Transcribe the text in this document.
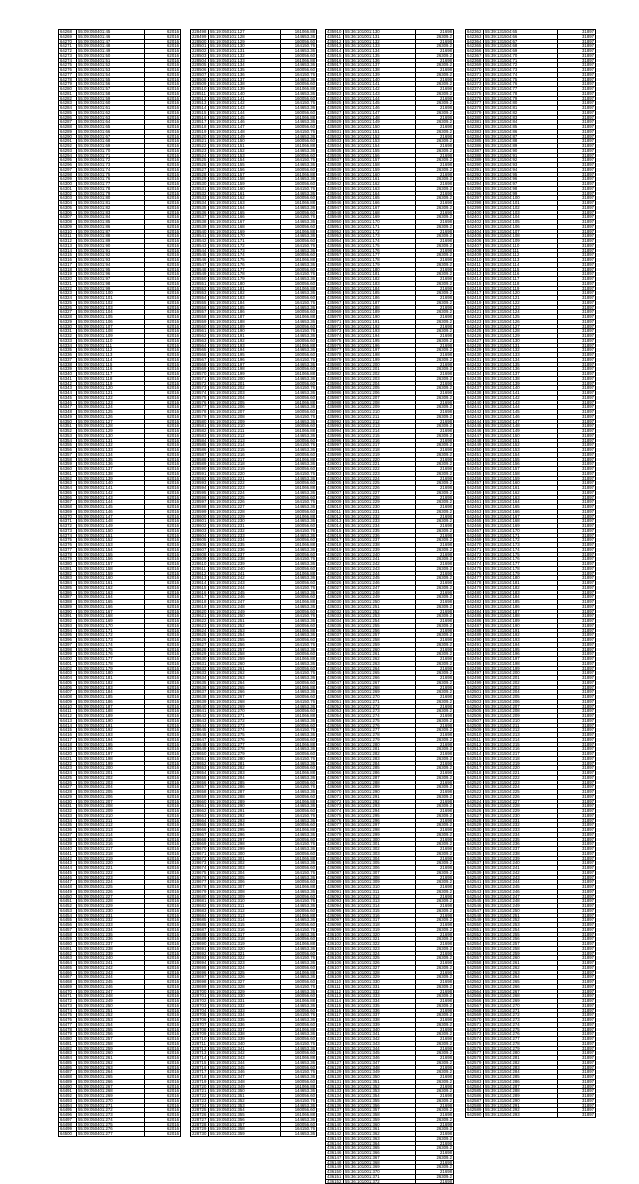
64268	55:09:050401:45	62016
64269	55:09:050401:46	62016
64270	55:09:050401:47	62016
64271	55:09:050401:48	62016
64272	55:09:050401:49	62016
64273	55:09:050401:50	62016
64274	55:09:050401:51	62016
64275	55:09:050401:52	62016
64276	55:09:050401:53	62016
64277	55:09:050401:54	62016
64278	55:09:050401:55	62016
64279	55:09:050401:56	62016
64280	55:09:050401:57	62016
64281	55:09:050401:58	62016
64282	55:09:050401:59	62016
64283	55:09:050401:60	62016
64284	55:09:050401:61	62016
64285	55:09:050401:62	62016
64286	55:09:050401:63	62016
64287	55:09:050401:64	62016
64288	55:09:050401:65	62016
64289	55:09:050401:66	62016
64290	55:09:050401:67	62016
64291	55:09:050401:68	62016
64292	55:09:050401:69	62016
64293	55:09:050401:70	62016
64294	55:09:050401:71	62016
64295	55:09:050401:72	62016
64296	55:09:050401:73	62016
64297	55:09:050401:74	62016
64298	55:09:050401:75	62016
64299	55:09:050401:76	62016
64300	55:09:050401:77	62016
64301	55:09:050401:78	62016
64302	55:09:050401:79	62016
64303	55:09:050401:80	62016
64304	55:09:050401:81	62016
64305	55:09:050401:82	62016
64306	55:09:050401:83	62016
64307	55:09:050401:84	62016
64308	55:09:050401:85	62016
64309	55:09:050401:86	62016
64310	55:09:050401:87	62016
64311	55:09:050401:88	62016
64312	55:09:050401:89	62016
64313	55:09:050401:90	62016
64314	55:09:050401:91	62016
64315	55:09:050401:92	62016
64316	55:09:050401:93	62016
64317	55:09:050401:94	62016
64318	55:09:050401:95	62016
64319	55:09:050401:96	62016
64320	55:09:050401:97	62016
64321	55:09:050401:98	62016
64322	55:09:050401:99	62016
64323	55:09:050401:100	62016
64324	55:09:050401:101	62016
64325	55:09:050401:102	62016
64326	55:09:050401:103	62016
64327	55:09:050401:104	62016
64328	55:09:050401:105	62016
64329	55:09:050401:106	62016
64330	55:09:050401:107	62016
64331	55:09:050401:108	62016
64332	55:09:050401:109	62016
64333	55:09:050401:110	62016
64334	55:09:050401:111	62016
64335	55:09:050401:112	62016
64336	55:09:050401:113	62016
64337	55:09:050401:114	62016
64338	55:09:050401:115	62016
64339	55:09:050401:116	62016
64340	55:09:050401:117	62016
64341	55:09:050401:118	62016
64342	55:09:050401:119	62016
64343	55:09:050401:120	62016
64344	55:09:050401:121	62016
64345	55:09:050401:122	62016
64346	55:09:050401:123	62016
64347	55:09:050401:124	62016
64348	55:09:050401:125	62016
64349	55:09:050401:126	62016
64350	55:09:050401:127	62016
64351	55:09:050401:128	62016
64352	55:09:050401:129	62016
64353	55:09:050401:130	62016
64354	55:09:050401:131	62016
64355	55:09:050401:132	62016
64356	55:09:050401:133	62016
64357	55:09:050401:134	62016
64358	55:09:050401:135	62016
64359	55:09:050401:136	62016
64360	55:09:050401:137	62016
64361	55:09:050401:138	62016
64362	55:09:050401:139	62016
64363	55:09:050401:140	62016
64364	55:09:050401:141	62016
64365	55:09:050401:142	62016
64366	55:09:050401:143	62016
64367	55:09:050401:144	62016
64368	55:09:050401:145	62016
64369	55:09:050401:146	62016
64370	55:09:050401:147	62016
64371	55:09:050401:148	62016
64372	55:09:050401:149	62016
64373	55:09:050401:150	62016
64374	55:09:050401:151	62016
64375	55:09:050401:152	62016
64376	55:09:050401:153	62016
64377	55:09:050401:154	62016
64378	55:09:050401:155	62016
64379	55:09:050401:156	62016
64380	55:09:050401:157	62016
64381	55:09:050401:158	62016
64382	55:09:050401:159	62016
64383	55:09:050401:160	62016
64384	55:09:050401:161	62016
64385	55:09:050401:162	62016
64386	55:09:050401:163	62016
64387	55:09:050401:164	62016
64388	55:09:050401:165	62016
64389	55:09:050401:166	62016
64390	55:09:050401:167	62016
64391	55:09:050401:168	62016
64392	55:09:050401:169	62016
64393	55:09:050401:170	62016
64394	55:09:050401:171	62016
64395	55:09:050401:172	62016
64396	55:09:050401:173	62016
64397	55:09:050401:174	62016
64398	55:09:050401:175	62016
64399	55:09:050401:176	62016
64400	55:09:050401:177	62016
64401	55:09:050401:178	62016
64402	55:09:050401:179	62016
64403	55:09:050401:180	62016
64404	55:09:050401:181	62016
64405	55:09:050401:182	62016
64406	55:09:050401:183	62016
64407	55:09:050401:184	62016
64408	55:09:050401:185	62016
64409	55:09:050401:186	62016
64410	55:09:050401:187	62016
64411	55:09:050401:188	62016
64412	55:09:050401:189	62016
64413	55:09:050401:190	62016
64414	55:09:050401:191	62016
64415	55:09:050401:192	62016
64416	55:09:050401:193	62016
64417	55:09:050401:194	62016
64418	55:09:050401:195	62016
64419	55:09:050401:196	62016
64420	55:09:050401:197	62016
64421	55:09:050401:198	62016
64422	55:09:050401:199	62016
64423	55:09:050401:200	62016
64424	55:09:050401:201	62016
64425	55:09:050401:202	62016
64426	55:09:050401:203	62016
64427	55:09:050401:204	62016
64428	55:09:050401:205	62016
64429	55:09:050401:206	62016
64430	55:09:050401:207	62016
64431	55:09:050401:208	62016
64432	55:09:050401:209	62016
64433	55:09:050401:210	62016
64434	55:09:050401:211	62016
64435	55:09:050401:212	62016
64436	55:09:050401:213	62016
64437	55:09:050401:214	62016
64438	55:09:050401:215	62016
64439	55:09:050401:216	62016
64440	55:09:050401:217	62016
64441	55:09:050401:218	62016
64442	55:09:050401:219	62016
64443	55:09:050401:220	62016
64444	55:09:050401:221	62016
64445	55:09:050401:222	62016
64446	55:09:050401:223	62016
64447	55:09:050401:224	62016
64448	55:09:050401:225	62016
64449	55:09:050401:226	62016
64450	55:09:050401:227	62016
64451	55:09:050401:228	62016
64452	55:09:050401:229	62016
64453	55:09:050401:230	62016
64454	55:09:050401:231	62016
64455	55:09:050401:232	62016
64456	55:09:050401:233	62016
64457	55:09:050401:234	62016
64458	55:09:050401:235	62016
64459	55:09:050401:236	62016
64460	55:09:050401:237	62016
64461	55:09:050401:238	62016
64462	55:09:050401:239	62016
64463	55:09:050401:240	62016
64464	55:09:050401:241	62016
64465	55:09:050401:242	62016
64466	55:09:050401:243	62016
64467	55:09:050401:244	62016
64468	55:09:050401:245	62016
64469	55:09:050401:246	62016
64470	55:09:050401:247	62016
64471	55:09:050401:248	62016
64472	55:09:050401:249	62016
64473	55:09:050401:250	62016
64474	55:09:050401:251	62016
64475	55:09:050401:252	62016
64476	55:09:050401:253	62016
64477	55:09:050401:254	62016
64478	55:09:050401:255	62016
64479	55:09:050401:256	62016
64480	55:09:050401:257	62016
64481	55:09:050401:258	62016
64482	55:09:050401:259	62016
64483	55:09:050401:260	62016
64484	55:09:050401:261	62016
64485	55:09:050401:262	62016
64486	55:09:050401:263	62016
64487	55:09:050401:264	62016
64488	55:09:050401:265	62016
64489	55:09:050401:266	62016
64490	55:09:050401:267	62016
64491	55:09:050401:268	62016
64492	55:09:050401:269	62016
64493	55:09:050401:270	62016
64494	55:09:050401:271	62016
64495	55:09:050401:272	62016
64496	55:09:050401:273	62016
64497	55:09:050401:274	62016
64498	55:09:050401:275	62016
64499	55:09:050401:276	62016
64500	55:09:050401:277	62016
228498	55:19:050101:127	161066.88
228499	55:19:050101:128	144653.36
228500	55:19:050101:129	160056.60
228501	55:19:050101:130	164150.76
228502	55:19:050101:131	144653.36
228503	55:19:050101:132	160056.60
228504	55:19:050101:133	161066.88
228505	55:19:050101:134	144653.36
228506	55:19:050101:135	160056.60
228507	55:19:050101:136	164150.76
228508	55:19:050101:137	144653.36
228509	55:19:050101:138	160056.60
228510	55:19:050101:139	161066.88
228511	55:19:050101:140	144653.36
228512	55:19:050101:141	160056.60
228513	55:19:050101:142	164150.76
228514	55:19:050101:143	144653.36
228515	55:19:050101:144	160056.60
228516	55:19:050101:145	161066.88
228517	55:19:050101:146	144653.36
228518	55:19:050101:147	160056.60
228519	55:19:050101:148	164150.76
228520	55:19:050101:149	144653.36
228521	55:19:050101:150	160056.60
228522	55:19:050101:151	161066.88
228523	55:19:050101:152	144653.36
228524	55:19:050101:153	160056.60
228525	55:19:050101:154	164150.76
228526	55:19:050101:155	144653.36
228527	55:19:050101:156	160056.60
228528	55:19:050101:157	161066.88
228529	55:19:050101:158	144653.36
228530	55:19:050101:159	160056.60
228531	55:19:050101:160	164150.76
228532	55:19:050101:161	144653.36
228533	55:19:050101:162	160056.60
228534	55:19:050101:163	161066.88
228535	55:19:050101:164	144653.36
228536	55:19:050101:165	160056.60
228537	55:19:050101:166	164150.76
228538	55:19:050101:167	144653.36
228539	55:19:050101:168	160056.60
228540	55:19:050101:169	161066.88
228541	55:19:050101:170	144653.36
228542	55:19:050101:171	160056.60
228543	55:19:050101:172	164150.76
228544	55:19:050101:173	144653.36
228545	55:19:050101:174	160056.60
228546	55:19:050101:175	161066.88
228547	55:19:050101:176	144653.36
228548	55:19:050101:177	160056.60
228549	55:19:050101:178	164150.76
228550	55:19:050101:179	144653.36
228551	55:19:050101:180	160056.60
228552	55:19:050101:181	161066.88
228553	55:19:050101:182	144653.36
228554	55:19:050101:183	160056.60
228555	55:19:050101:184	164150.76
228556	55:19:050101:185	144653.36
228557	55:19:050101:186	160056.60
228558	55:19:050101:187	161066.88
228559	55:19:050101:188	144653.36
228560	55:19:050101:189	160056.60
228561	55:19:050101:190	164150.76
228562	55:19:050101:191	144653.36
228563	55:19:050101:192	160056.60
228564	55:19:050101:193	161066.88
228565	55:19:050101:194	144653.36
228566	55:19:050101:195	160056.60
228567	55:19:050101:196	164150.76
228568	55:19:050101:197	144653.36
228569	55:19:050101:198	160056.60
228570	55:19:050101:199	161066.88
228571	55:19:050101:200	144653.36
228572	55:19:050101:201	160056.60
228573	55:19:050101:202	164150.76
228574	55:19:050101:203	144653.36
228575	55:19:050101:204	160056.60
228576	55:19:050101:205	161066.88
228577	55:19:050101:206	144653.36
228578	55:19:050101:207	160056.60
228579	55:19:050101:208	164150.76
228580	55:19:050101:209	144653.36
228581	55:19:050101:210	160056.60
228582	55:19:050101:211	161066.88
228583	55:19:050101:212	144653.36
228584	55:19:050101:213	160056.60
228585	55:19:050101:214	164150.76
228586	55:19:050101:215	144653.36
228587	55:19:050101:216	160056.60
228588	55:19:050101:217	161066.88
228589	55:19:050101:218	144653.36
228590	55:19:050101:219	160056.60
228591	55:19:050101:220	164150.76
228592	55:19:050101:221	144653.36
228593	55:19:050101:222	160056.60
228594	55:19:050101:223	161066.88
228595	55:19:050101:224	144653.36
228596	55:19:050101:225	160056.60
228597	55:19:050101:226	164150.76
228598	55:19:050101:227	144653.36
228599	55:19:050101:228	160056.60
228600	55:19:050101:229	161066.88
228601	55:19:050101:230	144653.36
228602	55:19:050101:231	160056.60
228603	55:19:050101:232	164150.76
228604	55:19:050101:233	144653.36
228605	55:19:050101:234	160056.60
228606	55:19:050101:235	161066.88
228607	55:19:050101:236	144653.36
228608	55:19:050101:237	160056.60
228609	55:19:050101:238	164150.76
228610	55:19:050101:239	144653.36
228611	55:19:050101:240	160056.60
228612	55:19:050101:241	161066.88
228613	55:19:050101:242	144653.36
228614	55:19:050101:243	160056.60
228615	55:19:050101:244	164150.76
228616	55:19:050101:245	144653.36
228617	55:19:050101:246	160056.60
228618	55:19:050101:247	161066.88
228619	55:19:050101:248	144653.36
228620	55:19:050101:249	160056.60
228621	55:19:050101:250	164150.76
228622	55:19:050101:251	144653.36
228623	55:19:050101:252	160056.60
228624	55:19:050101:253	161066.88
228625	55:19:050101:254	144653.36
228626	55:19:050101:255	160056.60
228627	55:19:050101:256	164150.76
228628	55:19:050101:257	144653.36
228629	55:19:050101:258	160056.60
228630	55:19:050101:259	161066.88
228631	55:19:050101:260	144653.36
228632	55:19:050101:261	160056.60
228633	55:19:050101:262	164150.76
228634	55:19:050101:263	144653.36
228635	55:19:050101:264	160056.60
228636	55:19:050101:265	161066.88
228637	55:19:050101:266	144653.36
228638	55:19:050101:267	160056.60
228639	55:19:050101:268	164150.76
228640	55:19:050101:269	144653.36
228641	55:19:050101:270	160056.60
228642	55:19:050101:271	161066.88
228643	55:19:050101:272	144653.36
228644	55:19:050101:273	160056.60
228645	55:19:050101:274	164150.76
228646	55:19:050101:275	144653.36
228647	55:19:050101:276	160056.60
228648	55:19:050101:277	161066.88
228649	55:19:050101:278	144653.36
228650	55:19:050101:279	160056.60
228651	55:19:050101:280	164150.76
228652	55:19:050101:281	144653.36
228653	55:19:050101:282	160056.60
228654	55:19:050101:283	161066.88
228655	55:19:050101:284	144653.36
228656	55:19:050101:285	160056.60
228657	55:19:050101:286	164150.76
228658	55:19:050101:287	144653.36
228659	55:19:050101:288	160056.60
228660	55:19:050101:289	161066.88
228661	55:19:050101:290	144653.36
228662	55:19:050101:291	160056.60
228663	55:19:050101:292	164150.76
228664	55:19:050101:293	144653.36
228665	55:19:050101:294	160056.60
228666	55:19:050101:295	161066.88
228667	55:19:050101:296	144653.36
228668	55:19:050101:297	160056.60
228669	55:19:050101:298	164150.76
228670	55:19:050101:299	144653.36
228671	55:19:050101:300	160056.60
228672	55:19:050101:301	161066.88
228673	55:19:050101:302	144653.36
228674	55:19:050101:303	160056.60
228675	55:19:050101:304	164150.76
228676	55:19:050101:305	144653.36
228677	55:19:050101:306	160056.60
228678	55:19:050101:307	161066.88
228679	55:19:050101:308	144653.36
228680	55:19:050101:309	160056.60
228681	55:19:050101:310	164150.76
228682	55:19:050101:311	144653.36
228683	55:19:050101:312	160056.60
228684	55:19:050101:313	161066.88
228685	55:19:050101:314	144653.36
228686	55:19:050101:315	160056.60
228687	55:19:050101:316	164150.76
228688	55:19:050101:317	144653.36
228689	55:19:050101:318	160056.60
228690	55:19:050101:319	161066.88
228691	55:19:050101:320	144653.36
228692	55:19:050101:321	160056.60
228693	55:19:050101:322	164150.76
228694	55:19:050101:323	144653.36
228695	55:19:050101:324	160056.60
228696	55:19:050101:325	161066.88
228697	55:19:050101:326	144653.36
228698	55:19:050101:327	160056.60
228699	55:19:050101:328	164150.76
228700	55:19:050101:329	144653.36
228701	55:19:050101:330	160056.60
228702	55:19:050101:331	161066.88
228703	55:19:050101:332	144653.36
228704	55:19:050101:333	160056.60
228705	55:19:050101:334	164150.76
228706	55:19:050101:335	144653.36
228707	55:19:050101:336	160056.60
228708	55:19:050101:337	161066.88
228709	55:19:050101:338	144653.36
228710	55:19:050101:339	160056.60
228711	55:19:050101:340	164150.76
228712	55:19:050101:341	144653.36
228713	55:19:050101:342	160056.60
228714	55:19:050101:343	161066.88
228715	55:19:050101:344	144653.36
228716	55:19:050101:345	160056.60
228717	55:19:050101:346	164150.76
228718	55:19:050101:347	144653.36
228719	55:19:050101:348	160056.60
228720	55:19:050101:349	161066.88
228721	55:19:050101:350	144653.36
228722	55:19:050101:351	160056.60
228723	55:19:050101:352	164150.76
228724	55:19:050101:353	144653.36
228725	55:19:050101:354	160056.60
228726	55:19:050101:355	161066.88
228727	55:19:050101:356	144653.36
228728	55:19:050101:357	160056.60
228729	55:19:050101:358	164150.76
228730	55:19:050101:359	144653.36
435910	55:36:101001:130	21698
435911	55:36:101001:131	26309.2
435912	55:36:101001:132	21698
435913	55:36:101001:133	26309.2
435914	55:36:101001:134	21698
435915	55:36:101001:135	26309.2
435916	55:36:101001:136	21698
435917	55:36:101001:137	26309.2
435918	55:36:101001:138	21698
435919	55:36:101001:139	26309.2
435920	55:36:101001:140	21698
435921	55:36:101001:141	26309.2
435922	55:36:101001:142	21698
435923	55:36:101001:143	26309.2
435924	55:36:101001:144	21698
435925	55:36:101001:145	26309.2
435926	55:36:101001:146	21698
435927	55:36:101001:147	26309.2
435928	55:36:101001:148	21698
435929	55:36:101001:149	26309.2
435930	55:36:101001:150	21698
435931	55:36:101001:151	26309.2
435932	55:36:101001:152	21698
435933	55:36:101001:153	26309.2
435934	55:36:101001:154	21698
435935	55:36:101001:155	26309.2
435936	55:36:101001:156	21698
435937	55:36:101001:157	26309.2
435938	55:36:101001:158	21698
435939	55:36:101001:159	26309.2
435940	55:36:101001:160	21698
435941	55:36:101001:161	26309.2
435942	55:36:101001:162	21698
435943	55:36:101001:163	26309.2
435944	55:36:101001:164	21698
435945	55:36:101001:165	26309.2
435946	55:36:101001:166	21698
435947	55:36:101001:167	26309.2
435948	55:36:101001:168	21698
435949	55:36:101001:169	26309.2
435950	55:36:101001:170	21698
435951	55:36:101001:171	26309.2
435952	55:36:101001:172	21698
435953	55:36:101001:173	26309.2
435954	55:36:101001:174	21698
435955	55:36:101001:175	26309.2
435956	55:36:101001:176	21698
435957	55:36:101001:177	26309.2
435958	55:36:101001:178	21698
435959	55:36:101001:179	26309.2
435960	55:36:101001:180	21698
435961	55:36:101001:181	26309.2
435962	55:36:101001:182	21698
435963	55:36:101001:183	26309.2
435964	55:36:101001:184	21698
435965	55:36:101001:185	26309.2
435966	55:36:101001:186	21698
435967	55:36:101001:187	26309.2
435968	55:36:101001:188	21698
435969	55:36:101001:189	26309.2
435970	55:36:101001:190	21698
435971	55:36:101001:191	26309.2
435972	55:36:101001:192	21698
435973	55:36:101001:193	26309.2
435974	55:36:101001:194	21698
435975	55:36:101001:195	26309.2
435976	55:36:101001:196	21698
435977	55:36:101001:197	26309.2
435978	55:36:101001:198	21698
435979	55:36:101001:199	26309.2
435980	55:36:101001:200	21698
435981	55:36:101001:201	26309.2
435982	55:36:101001:202	21698
435983	55:36:101001:203	26309.2
435984	55:36:101001:204	21698
435985	55:36:101001:205	26309.2
435986	55:36:101001:206	21698
435987	55:36:101001:207	26309.2
435988	55:36:101001:208	21698
435989	55:36:101001:209	26309.2
435990	55:36:101001:210	21698
435991	55:36:101001:211	26309.2
435992	55:36:101001:212	21698
435993	55:36:101001:213	26309.2
435994	55:36:101001:214	21698
435995	55:36:101001:215	26309.2
435996	55:36:101001:216	21698
435997	55:36:101001:217	26309.2
435998	55:36:101001:218	21698
435999	55:36:101001:219	26309.2
436000	55:36:101001:220	21698
436001	55:36:101001:221	26309.2
436002	55:36:101001:222	21698
436003	55:36:101001:223	26309.2
436004	55:36:101001:224	21698
436005	55:36:101001:225	26309.2
436006	55:36:101001:226	21698
436007	55:36:101001:227	26309.2
436008	55:36:101001:228	21698
436009	55:36:101001:229	26309.2
436010	55:36:101001:230	21698
436011	55:36:101001:231	26309.2
436012	55:36:101001:232	21698
436013	55:36:101001:233	26309.2
436014	55:36:101001:234	21698
436015	55:36:101001:235	26309.2
436016	55:36:101001:236	21698
436017	55:36:101001:237	26309.2
436018	55:36:101001:238	21698
436019	55:36:101001:239	26309.2
436020	55:36:101001:240	21698
436021	55:36:101001:241	26309.2
436022	55:36:101001:242	21698
436023	55:36:101001:243	26309.2
436024	55:36:101001:244	21698
436025	55:36:101001:245	26309.2
436026	55:36:101001:246	21698
436027	55:36:101001:247	26309.2
436028	55:36:101001:248	21698
436029	55:36:101001:249	26309.2
436030	55:36:101001:250	21698
436031	55:36:101001:251	26309.2
436032	55:36:101001:252	21698
436033	55:36:101001:253	26309.2
436034	55:36:101001:254	21698
436035	55:36:101001:255	26309.2
436036	55:36:101001:256	21698
436037	55:36:101001:257	26309.2
436038	55:36:101001:258	21698
436039	55:36:101001:259	26309.2
436040	55:36:101001:260	21698
436041	55:36:101001:261	26309.2
436042	55:36:101001:262	21698
436043	55:36:101001:263	26309.2
436044	55:36:101001:264	21698
436045	55:36:101001:265	26309.2
436046	55:36:101001:266	21698
436047	55:36:101001:267	26309.2
436048	55:36:101001:268	21698
436049	55:36:101001:269	26309.2
436050	55:36:101001:270	21698
436051	55:36:101001:271	26309.2
436052	55:36:101001:272	21698
436053	55:36:101001:273	26309.2
436054	55:36:101001:274	21698
436055	55:36:101001:275	26309.2
436056	55:36:101001:276	21698
436057	55:36:101001:277	26309.2
436058	55:36:101001:278	21698
436059	55:36:101001:279	26309.2
436060	55:36:101001:280	21698
436061	55:36:101001:281	26309.2
436062	55:36:101001:282	21698
436063	55:36:101001:283	26309.2
436064	55:36:101001:284	21698
436065	55:36:101001:285	26309.2
436066	55:36:101001:286	21698
436067	55:36:101001:287	26309.2
436068	55:36:101001:288	21698
436069	55:36:101001:289	26309.2
436070	55:36:101001:290	21698
436071	55:36:101001:291	26309.2
436072	55:36:101001:292	21698
436073	55:36:101001:293	26309.2
436074	55:36:101001:294	21698
436075	55:36:101001:295	26309.2
436076	55:36:101001:296	21698
436077	55:36:101001:297	26309.2
436078	55:36:101001:298	21698
436079	55:36:101001:299	26309.2
436080	55:36:101001:300	21698
436081	55:36:101001:301	26309.2
436082	55:36:101001:302	21698
436083	55:36:101001:303	26309.2
436084	55:36:101001:304	21698
436085	55:36:101001:305	26309.2
436086	55:36:101001:306	21698
436087	55:36:101001:307	26309.2
436088	55:36:101001:308	21698
436089	55:36:101001:309	26309.2
436090	55:36:101001:310	21698
436091	55:36:101001:311	26309.2
436092	55:36:101001:312	21698
436093	55:36:101001:313	26309.2
436094	55:36:101001:314	21698
436095	55:36:101001:315	26309.2
436096	55:36:101001:316	21698
436097	55:36:101001:317	26309.2
436098	55:36:101001:318	21698
436099	55:36:101001:319	26309.2
436100	55:36:101001:320	21698
436101	55:36:101001:321	26309.2
436102	55:36:101001:322	21698
436103	55:36:101001:323	26309.2
436104	55:36:101001:324	21698
436105	55:36:101001:325	26309.2
436106	55:36:101001:326	21698
436107	55:36:101001:327	26309.2
436108	55:36:101001:328	21698
436109	55:36:101001:329	26309.2
436110	55:36:101001:330	21698
436111	55:36:101001:331	26309.2
436112	55:36:101001:332	21698
436113	55:36:101001:333	26309.2
436114	55:36:101001:334	21698
436115	55:36:101001:335	26309.2
436116	55:36:101001:336	21698
436117	55:36:101001:337	26309.2
436118	55:36:101001:338	21698
436119	55:36:101001:339	26309.2
436120	55:36:101001:340	21698
436121	55:36:101001:341	26309.2
436122	55:36:101001:342	21698
436123	55:36:101001:343	26309.2
436124	55:36:101001:344	21698
436125	55:36:101001:345	26309.2
436126	55:36:101001:346	21698
436127	55:36:101001:347	26309.2
436128	55:36:101001:348	21698
436129	55:36:101001:349	26309.2
436130	55:36:101001:350	21698
436131	55:36:101001:351	26309.2
436132	55:36:101001:352	21698
436133	55:36:101001:353	26309.2
436134	55:36:101001:354	21698
436135	55:36:101001:355	26309.2
436136	55:36:101001:356	21698
436137	55:36:101001:357	26309.2
436138	55:36:101001:358	21698
436139	55:36:101001:359	26309.2
436140	55:36:101001:360	21698
436141	55:36:101001:361	26309.2
436142	55:36:101001:362	21698
436143	55:36:101001:363	26309.2
436144	55:36:101001:364	21698
436145	55:36:101001:365	26309.2
436146	55:36:101001:366	21698
436147	55:36:101001:367	26309.2
436148	55:36:101001:368	21698
436149	55:36:101001:369	26309.2
436150	55:36:101001:370	21698
436151	55:36:101001:371	26309.2
436152	55:36:101001:372	21698
642362	55:39:131504:65	31897
642363	55:39:131504:66	31897
642364	55:39:131504:67	31897
642365	55:39:131504:68	31897
642366	55:39:131504:69	31897
642367	55:39:131504:70	31897
642368	55:39:131504:71	31897
642369	55:39:131504:72	31897
642370	55:39:131504:73	31897
642371	55:39:131504:74	31897
642372	55:39:131504:75	31897
642373	55:39:131504:76	31897
642374	55:39:131504:77	31897
642375	55:39:131504:78	31897
642376	55:39:131504:79	31897
642377	55:39:131504:80	31897
642378	55:39:131504:81	31897
642379	55:39:131504:82	31897
642380	55:39:131504:83	31897
642381	55:39:131504:84	31897
642382	55:39:131504:85	31897
642383	55:39:131504:86	31897
642384	55:39:131504:87	31897
642385	55:39:131504:88	31897
642386	55:39:131504:89	31897
642387	55:39:131504:90	31897
642388	55:39:131504:91	31897
642389	55:39:131504:92	31897
642390	55:39:131504:93	31897
642391	55:39:131504:94	31897
642392	55:39:131504:95	31897
642393	55:39:131504:96	31897
642394	55:39:131504:97	31897
642395	55:39:131504:98	31897
642396	55:39:131504:99	31897
642397	55:39:131504:100	31897
642398	55:39:131504:101	31897
642399	55:39:131504:102	31897
642400	55:39:131504:103	31897
642401	55:39:131504:104	31897
642402	55:39:131504:105	31897
642403	55:39:131504:106	31897
642404	55:39:131504:107	31897
642405	55:39:131504:108	31897
642406	55:39:131504:109	31897
642407	55:39:131504:110	31897
642408	55:39:131504:111	31897
642409	55:39:131504:112	31897
642410	55:39:131504:113	31897
642411	55:39:131504:114	31897
642412	55:39:131504:115	31897
642413	55:39:131504:116	31897
642414	55:39:131504:117	31897
642415	55:39:131504:118	31897
642416	55:39:131504:119	31897
642417	55:39:131504:120	31897
642418	55:39:131504:121	31897
642419	55:39:131504:122	31897
642420	55:39:131504:123	31897
642421	55:39:131504:124	31897
642422	55:39:131504:125	31897
642423	55:39:131504:126	31897
642424	55:39:131504:127	31897
642425	55:39:131504:128	31897
642426	55:39:131504:129	31897
642427	55:39:131504:130	31897
642428	55:39:131504:131	31897
642429	55:39:131504:132	31897
642430	55:39:131504:133	31897
642431	55:39:131504:134	31897
642432	55:39:131504:135	31897
642433	55:39:131504:136	31897
642434	55:39:131504:137	31897
642435	55:39:131504:138	31897
642436	55:39:131504:139	31897
642437	55:39:131504:140	31897
642438	55:39:131504:141	31897
642439	55:39:131504:142	31897
642440	55:39:131504:143	31897
642441	55:39:131504:144	31897
642442	55:39:131504:145	31897
642443	55:39:131504:146	31897
642444	55:39:131504:147	31897
642445	55:39:131504:148	31897
642446	55:39:131504:149	31897
642447	55:39:131504:150	31897
642448	55:39:131504:151	31897
642449	55:39:131504:152	31897
642450	55:39:131504:153	31897
642451	55:39:131504:154	31897
642452	55:39:131504:155	31897
642453	55:39:131504:156	31897
642454	55:39:131504:157	31897
642455	55:39:131504:158	31897
642456	55:39:131504:159	31897
642457	55:39:131504:160	31897
642458	55:39:131504:161	31897
642459	55:39:131504:162	31897
642460	55:39:131504:163	31897
642461	55:39:131504:164	31897
642462	55:39:131504:165	31897
642463	55:39:131504:166	31897
642464	55:39:131504:167	31897
642465	55:39:131504:168	31897
642466	55:39:131504:169	31897
642467	55:39:131504:170	31897
642468	55:39:131504:171	31897
642469	55:39:131504:172	31897
642470	55:39:131504:173	31897
642471	55:39:131504:174	31897
642472	55:39:131504:175	31897
642473	55:39:131504:176	31897
642474	55:39:131504:177	31897
642475	55:39:131504:178	31897
642476	55:39:131504:179	31897
642477	55:39:131504:180	31897
642478	55:39:131504:181	31897
642479	55:39:131504:182	31897
642480	55:39:131504:183	31897
642481	55:39:131504:184	31897
642482	55:39:131504:185	31897
642483	55:39:131504:186	31897
642484	55:39:131504:187	31897
642485	55:39:131504:188	31897
642486	55:39:131504:189	31897
642487	55:39:131504:190	31897
642488	55:39:131504:191	31897
642489	55:39:131504:192	31897
642490	55:39:131504:193	31897
642491	55:39:131504:194	31897
642492	55:39:131504:195	31897
642493	55:39:131504:196	31897
642494	55:39:131504:197	31897
642495	55:39:131504:198	31897
642496	55:39:131504:199	31897
642497	55:39:131504:200	31897
642498	55:39:131504:201	31897
642499	55:39:131504:202	31897
642500	55:39:131504:203	31897
642501	55:39:131504:204	31897
642502	55:39:131504:205	31897
642503	55:39:131504:206	31897
642504	55:39:131504:207	31897
642505	55:39:131504:208	31897
642506	55:39:131504:209	31897
642507	55:39:131504:210	31897
642508	55:39:131504:211	31897
642509	55:39:131504:212	31897
642510	55:39:131504:213	31897
642511	55:39:131504:214	31897
642512	55:39:131504:215	31897
642513	55:39:131504:216	31897
642514	55:39:131504:217	31897
642515	55:39:131504:218	31897
642516	55:39:131504:219	31897
642517	55:39:131504:220	31897
642518	55:39:131504:221	31897
642519	55:39:131504:222	31897
642520	55:39:131504:223	31897
642521	55:39:131504:224	31897
642522	55:39:131504:225	31897
642523	55:39:131504:226	31897
642524	55:39:131504:227	31897
642525	55:39:131504:228	31897
642526	55:39:131504:229	31897
642527	55:39:131504:230	31897
642528	55:39:131504:231	31897
642529	55:39:131504:232	31897
642530	55:39:131504:233	31897
642531	55:39:131504:234	31897
642532	55:39:131504:235	31897
642533	55:39:131504:236	31897
642534	55:39:131504:237	31897
642535	55:39:131504:238	31897
642536	55:39:131504:239	31897
642537	55:39:131504:240	31897
642538	55:39:131504:241	31897
642539	55:39:131504:242	31897
642540	55:39:131504:243	31897
642541	55:39:131504:244	31897
642542	55:39:131504:245	31897
642543	55:39:131504:246	31897
642544	55:39:131504:247	31897
642545	55:39:131504:248	31897
642546	55:39:131504:249	31897
642547	55:39:131504:250	31897
642548	55:39:131504:251	31897
642549	55:39:131504:252	31897
642550	55:39:131504:253	31897
642551	55:39:131504:254	31897
642552	55:39:131504:255	31897
642553	55:39:131504:256	31897
642554	55:39:131504:257	31897
642555	55:39:131504:258	31897
642556	55:39:131504:259	31897
642557	55:39:131504:260	31897
642558	55:39:131504:261	31897
642559	55:39:131504:262	31897
642560	55:39:131504:263	31897
642561	55:39:131504:264	31897
642562	55:39:131504:265	31897
642563	55:39:131504:266	31897
642564	55:39:131504:267	31897
642565	55:39:131504:268	31897
642566	55:39:131504:269	31897
642567	55:39:131504:270	31897
642568	55:39:131504:271	31897
642569	55:39:131504:272	31897
642570	55:39:131504:273	31897
642571	55:39:131504:274	31897
642572	55:39:131504:275	31897
642573	55:39:131504:276	31897
642574	55:39:131504:277	31897
642575	55:39:131504:278	31897
642576	55:39:131504:279	31897
642577	55:39:131504:280	31897
642578	55:39:131504:281	31897
642579	55:39:131504:282	31897
642580	55:39:131504:283	31897
642581	55:39:131504:284	31897
642582	55:39:131504:285	31897
642583	55:39:131504:286	31897
642584	55:39:131504:287	31897
642585	55:39:131504:288	31897
642586	55:39:131504:289	31897
642587	55:39:131504:290	31897
642588	55:39:131504:291	31897
642589	55:39:131504:292	31897
642590	55:39:131504:293	31897
